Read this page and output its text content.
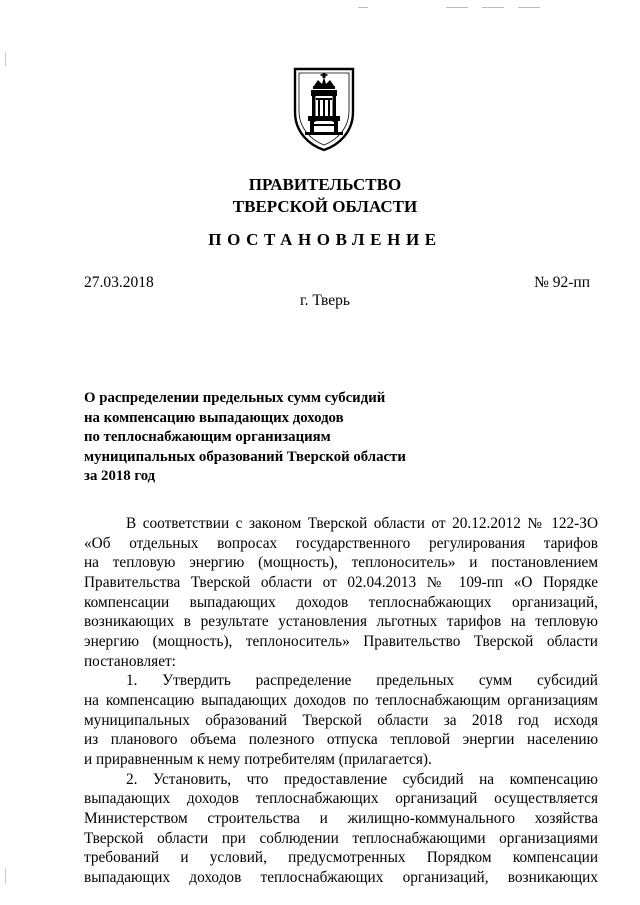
ПРАВИТЕЛЬСТВО
ТВЕРСКОЙ ОБЛАСТИ
ПОСТАНОВЛЕНИЕ
27.03.2018	№ 92-пп
г. Тверь
О распределении предельных сумм субсидий
на компенсацию выпадающих доходов
по теплоснабжающим организациям
муниципальных образований Тверской области
за 2018 год
В соответствии с законом Тверской области от 20.12.2012 № 122-ЗО
«Об отдельных вопросах государственного регулирования тарифов
на тепловую энергию (мощность), теплоноситель» и постановлением
Правительства Тверской области от 02.04.2013 № 109-пп «О Порядке
компенсации выпадающих доходов теплоснабжающих организаций,
возникающих в результате установления льготных тарифов на тепловую
энергию (мощность), теплоноситель» Правительство Тверской области
постановляет:
1. Утвердить распределение предельных сумм субсидий
на компенсацию выпадающих доходов по теплоснабжающим организациям
муниципальных образований Тверской области за 2018 год исходя
из планового объема полезного отпуска тепловой энергии населению
и приравненным к нему потребителям (прилагается).
2. Установить, что предоставление субсидий на компенсацию
выпадающих доходов теплоснабжающих организаций осуществляется
Министерством строительства и жилищно-коммунального хозяйства
Тверской области при соблюдении теплоснабжающими организациями
требований и условий, предусмотренных Порядком компенсации
выпадающих доходов теплоснабжающих организаций, возникающих
